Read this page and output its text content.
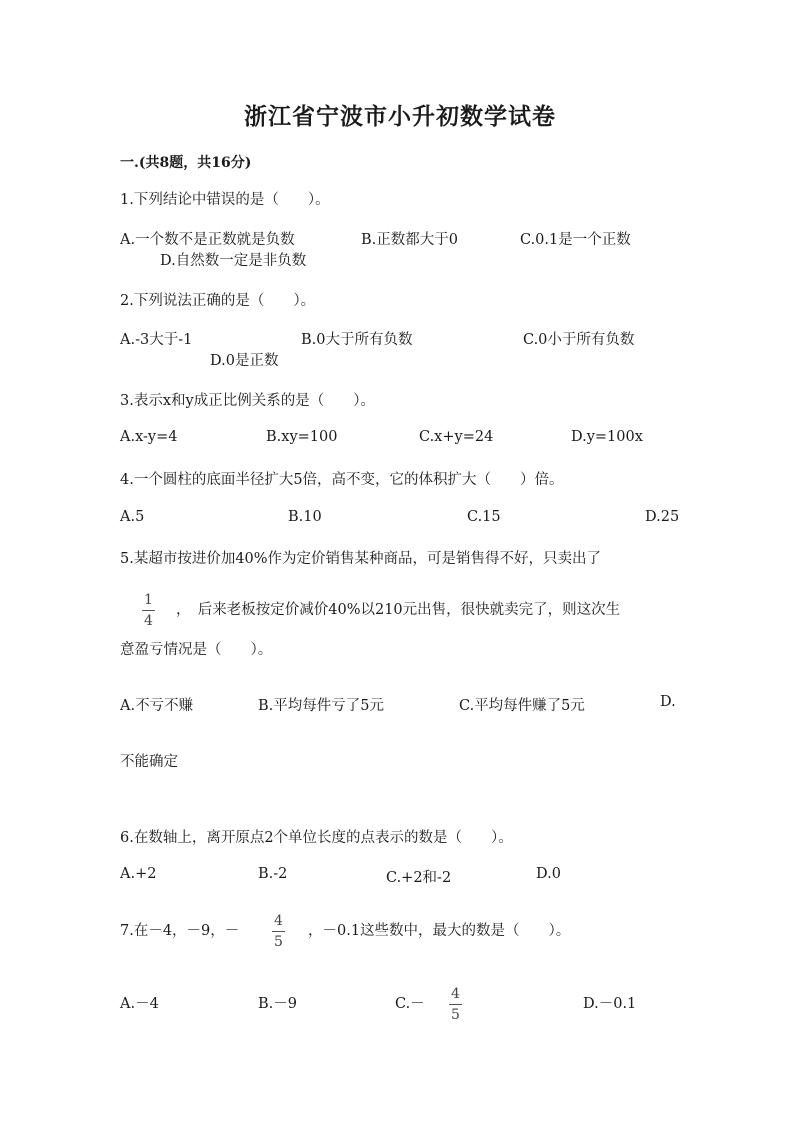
浙江省宁波市小升初数学试卷
一.(共8题，共16分)
1.下列结论中错误的是（　　）。
A.一个数不是正数就是负数	B.正数都大于0	C.0.1是一个正数
D.自然数一定是非负数
2.下列说法正确的是（　　）。
A.-3大于-1	B.0大于所有负数	C.0小于所有负数
D.0是正数
3.表示x和y成正比例关系的是（　　）。
A.x-y=4	B.xy=100	C.x+y=24	D.y=100x
4.一个圆柱的底面半径扩大5倍，高不变，它的体积扩大（　　）倍。
A.5	B.10	C.15	D.25
5.某超市按进价加40%作为定价销售某种商品，可是销售得不好，只卖出了
$\frac{1}{4}$ ，　后来老板按定价减价40%以210元出售，很快就卖完了，则这次生
意盈亏情况是（　　）。
A.不亏不赚	B.平均每件亏了5元	C.平均每件赚了5元	D.
不能确定
6.在数轴上，离开原点2个单位长度的点表示的数是（　　）。
A.+2	B.-2	C.+2和-2	D.0
7.在－4，－9，－ $\frac{4}{5}$ ，－0.1这些数中，最大的数是（　　）。
A.－4	B.－9	$C.- \frac{4}{5}$	D.－0.1
